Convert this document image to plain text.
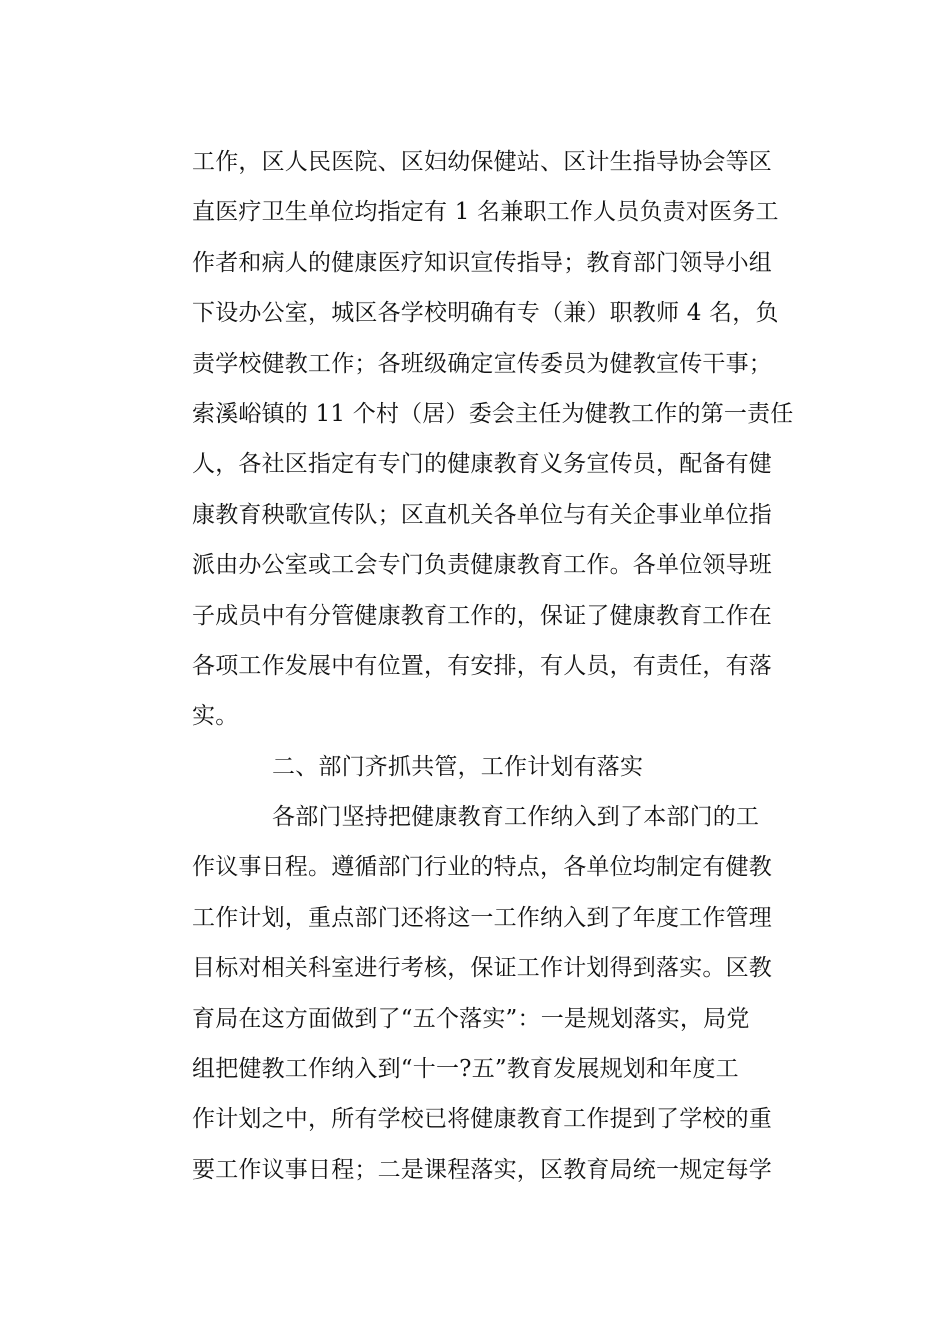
工作，区人民医院、区妇幼保健站、区计生指导协会等区
直医疗卫生单位均指定有 1 名兼职工作人员负责对医务工
作者和病人的健康医疗知识宣传指导；教育部门领导小组
下设办公室，城区各学校明确有专（兼）职教师 4 名，负
责学校健教工作；各班级确定宣传委员为健教宣传干事；
索溪峪镇的 11 个村（居）委会主任为健教工作的第一责任
人，各社区指定有专门的健康教育义务宣传员，配备有健
康教育秧歌宣传队；区直机关各单位与有关企事业单位指
派由办公室或工会专门负责健康教育工作。各单位领导班
子成员中有分管健康教育工作的，保证了健康教育工作在
各项工作发展中有位置，有安排，有人员，有责任，有落
实。
二、部门齐抓共管，工作计划有落实
各部门坚持把健康教育工作纳入到了本部门的工
作议事日程。遵循部门行业的特点，各单位均制定有健教
工作计划，重点部门还将这一工作纳入到了年度工作管理
目标对相关科室进行考核，保证工作计划得到落实。区教
育局在这方面做到了“五个落实”：一是规划落实，局党
组把健教工作纳入到“十一?五”教育发展规划和年度工
作计划之中，所有学校已将健康教育工作提到了学校的重
要工作议事日程；二是课程落实，区教育局统一规定每学
